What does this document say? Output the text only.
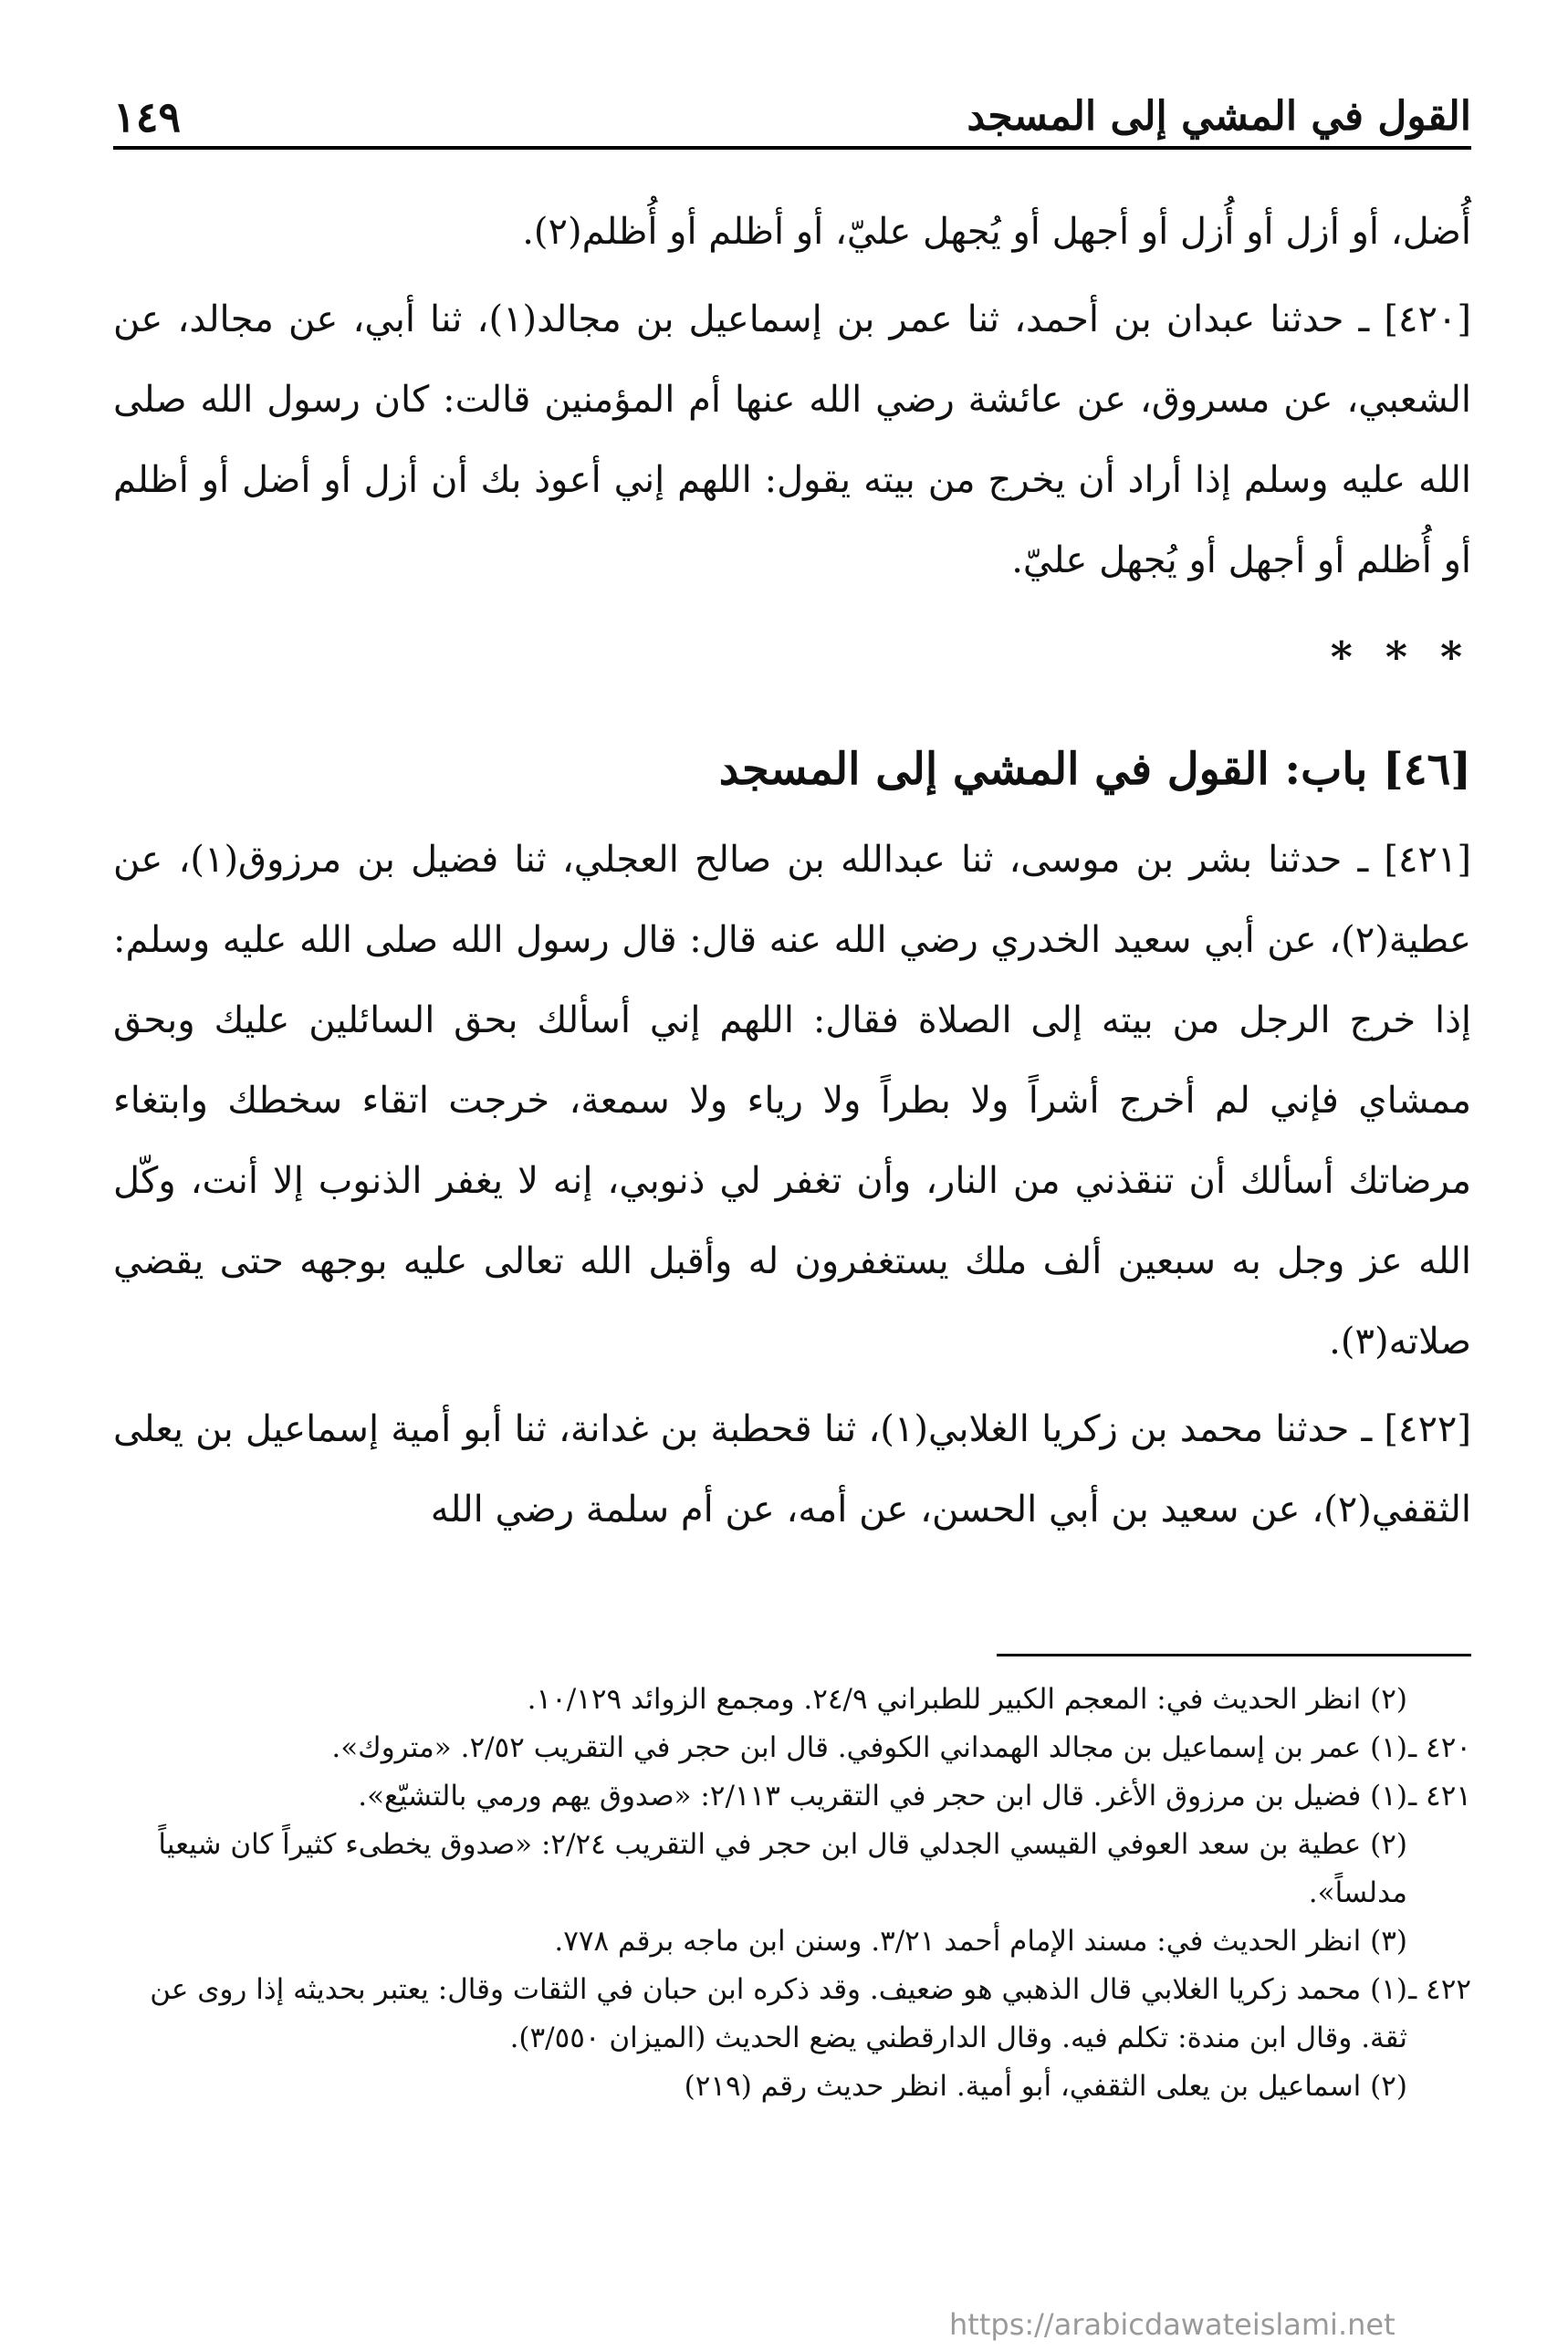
القول في المشي إلى المسجد
١٤٩

أُضل، أو أزل أو أُزل أو أجهل أو يُجهل عليّ، أو أظلم أو أُظلم(٢).

[٤٢٠] ـ حدثنا عبدان بن أحمد، ثنا عمر بن إسماعيل بن مجالد(١)، ثنا أبي، عن مجالد، عن الشعبي، عن مسروق، عن عائشة رضي الله عنها أم المؤمنين قالت: كان رسول الله صلى الله عليه وسلم إذا أراد أن يخرج من بيته يقول: اللهم إني أعوذ بك أن أزل أو أضل أو أظلم أو أُظلم أو أجهل أو يُجهل عليّ.

* * *
[٤٦] باب: القول في المشي إلى المسجد

[٤٢١] ـ حدثنا بشر بن موسى، ثنا عبدالله بن صالح العجلي، ثنا فضيل بن مرزوق(١)، عن عطية(٢)، عن أبي سعيد الخدري رضي الله عنه قال: قال رسول الله صلى الله عليه وسلم: إذا خرج الرجل من بيته إلى الصلاة فقال: اللهم إني أسألك بحق السائلين عليك وبحق ممشاي فإني لم أخرج أشراً ولا بطراً ولا رياء ولا سمعة، خرجت اتقاء سخطك وابتغاء مرضاتك أسألك أن تنقذني من النار، وأن تغفر لي ذنوبي، إنه لا يغفر الذنوب إلا أنت، وكّل الله عز وجل به سبعين ألف ملك يستغفرون له وأقبل الله تعالى عليه بوجهه حتى يقضي صلاته(٣).

[٤٢٢] ـ حدثنا محمد بن زكريا الغلابي(١)، ثنا قحطبة بن غدانة، ثنا أبو أمية إسماعيل بن يعلى الثقفي(٢)، عن سعيد بن أبي الحسن، عن أمه، عن أم سلمة رضي الله

(٢) انظر الحديث في: المعجم الكبير للطبراني ٢٤/٩. ومجمع الزوائد ١٠/١٢٩.
٤٢٠ ـ
(١) عمر بن إسماعيل بن مجالد الهمداني الكوفي. قال ابن حجر في التقريب ٢/٥٢. «متروك».
٤٢١ ـ
(١) فضيل بن مرزوق الأغر. قال ابن حجر في التقريب ٢/١١٣: «صدوق يهم ورمي بالتشيّع».
(٢) عطية بن سعد العوفي القيسي الجدلي قال ابن حجر في التقريب ٢/٢٤: «صدوق يخطىء كثيراً كان شيعياً مدلساً».
(٣) انظر الحديث في: مسند الإمام أحمد ٣/٢١. وسنن ابن ماجه برقم ٧٧٨.
٤٢٢ ـ
(١) محمد زكريا الغلابي قال الذهبي هو ضعيف. وقد ذكره ابن حبان في الثقات وقال: يعتبر بحديثه إذا روى عن ثقة. وقال ابن مندة: تكلم فيه. وقال الدارقطني يضع الحديث (الميزان ٣/٥٥٠).
(٢) اسماعيل بن يعلى الثقفي، أبو أمية. انظر حديث رقم (٢١٩)
https://arabicdawateislami.net
